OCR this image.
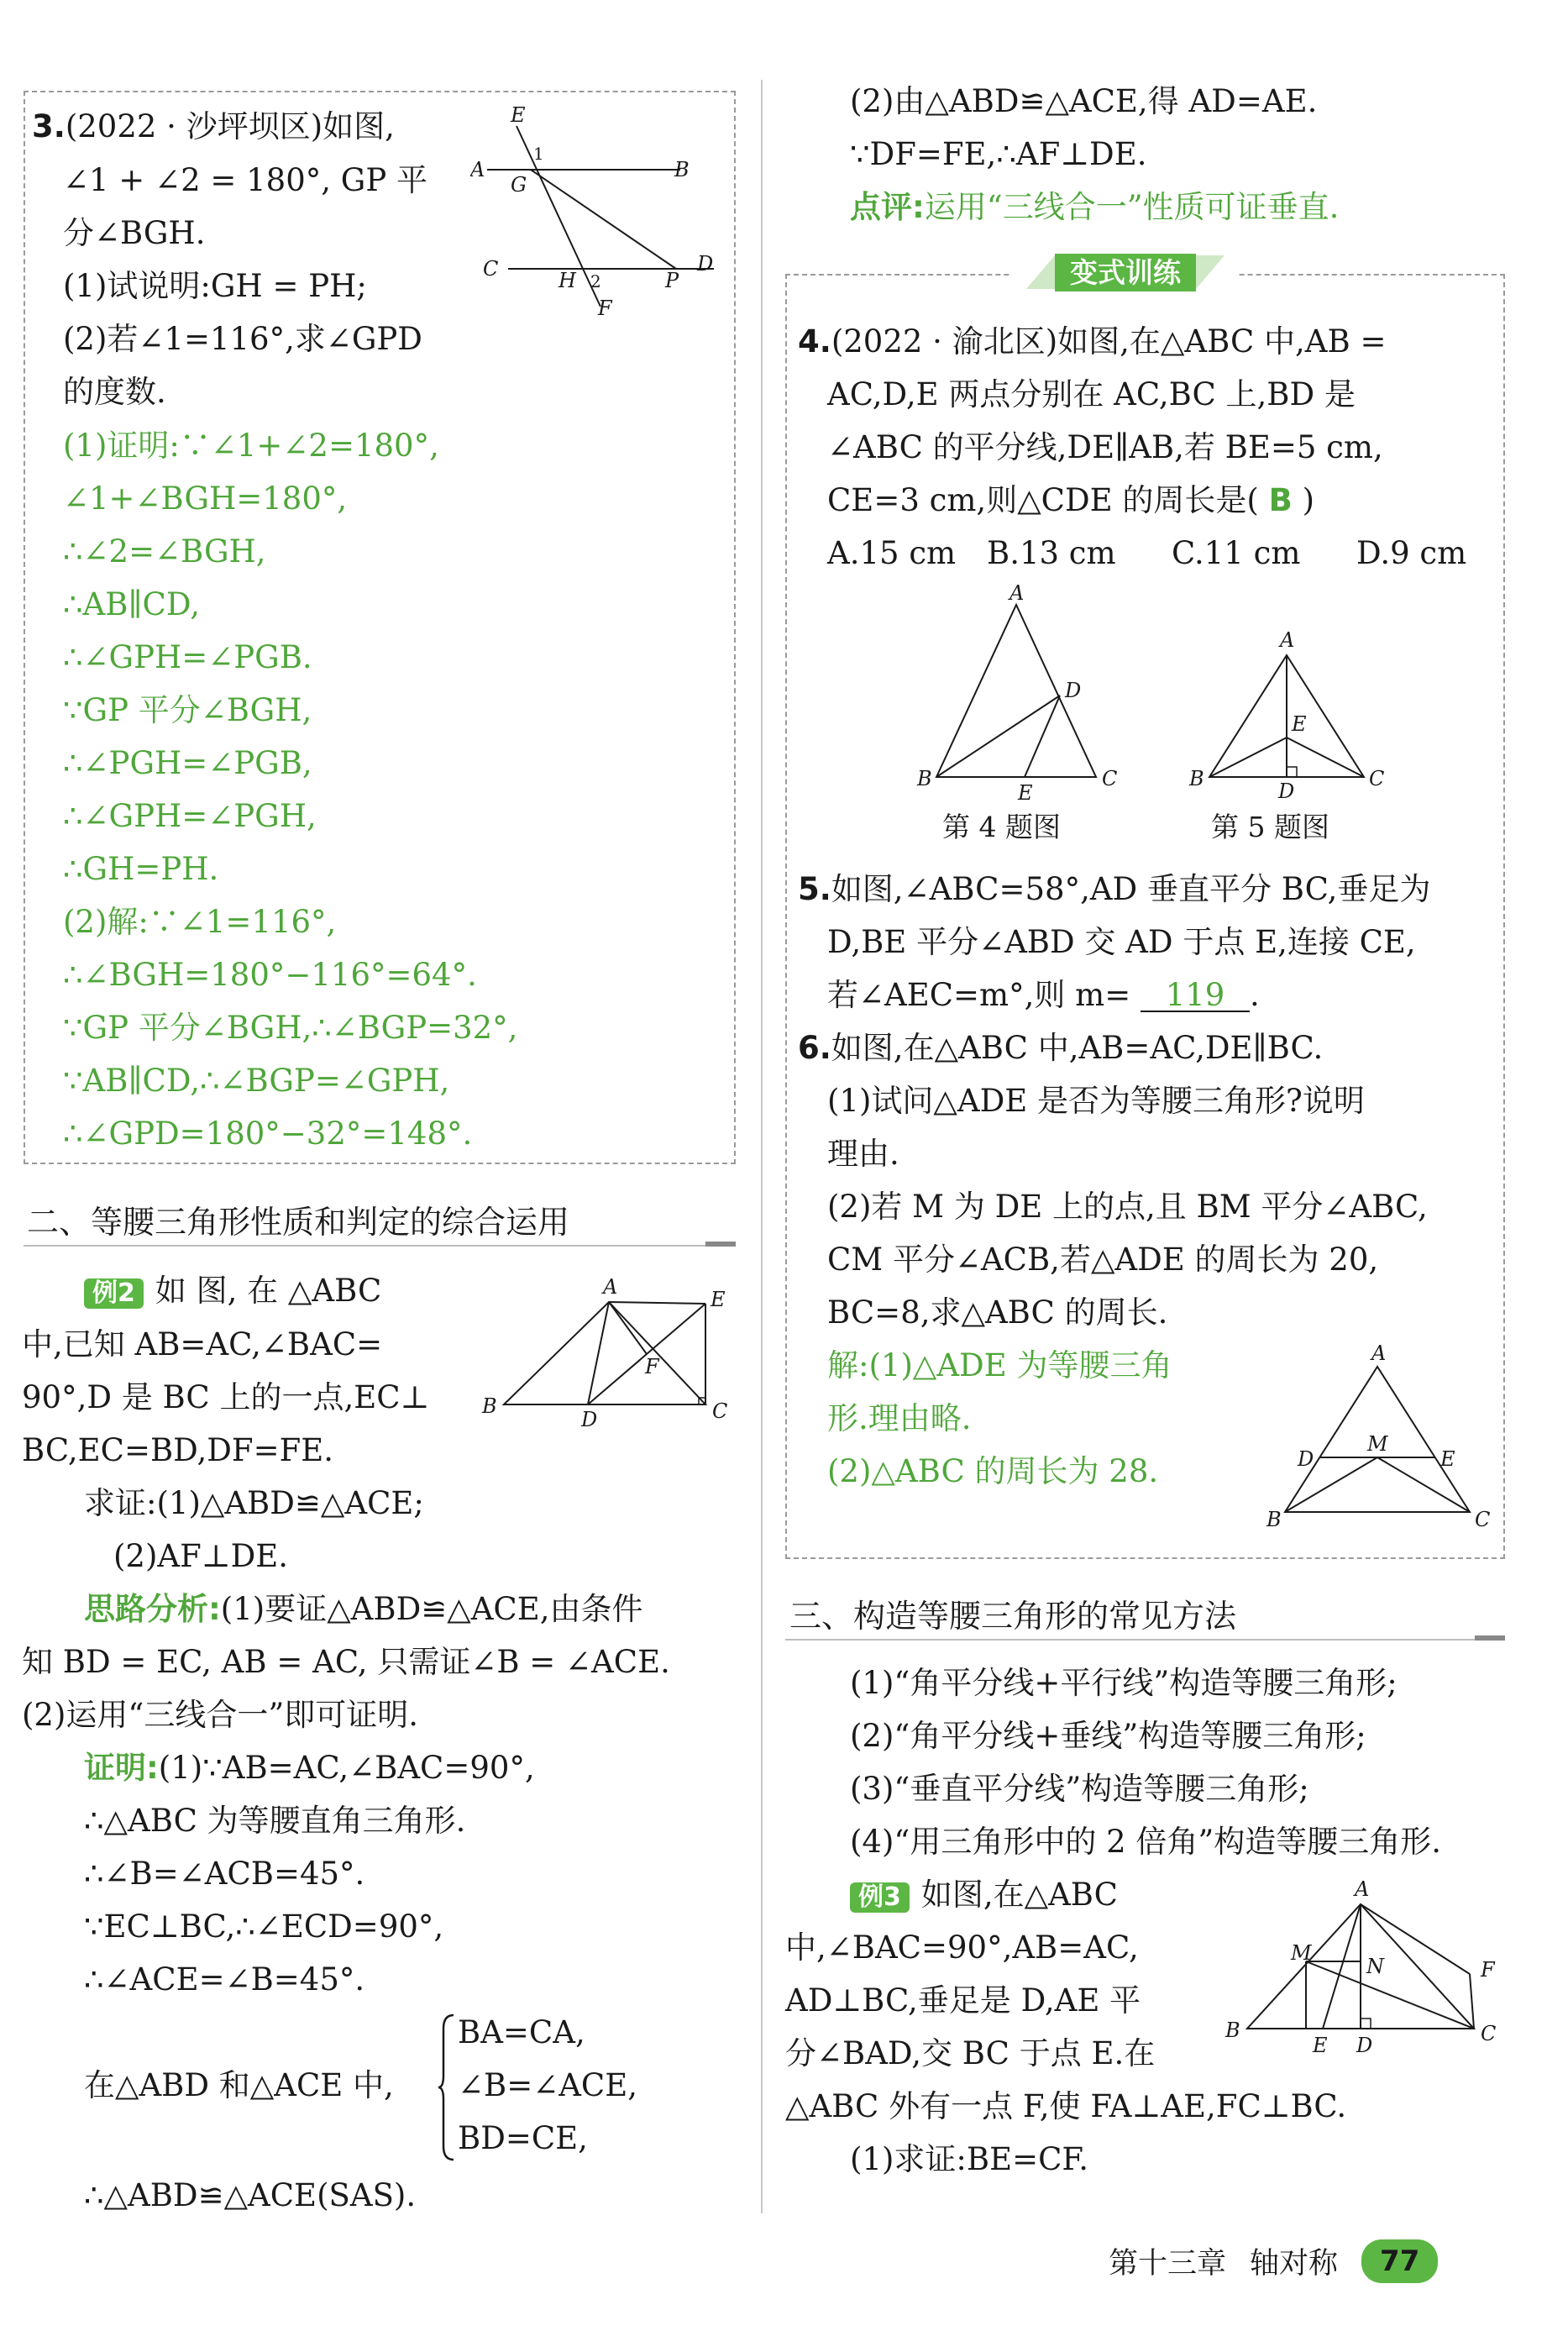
3.(2022 · 沙坪坝区)如图,
∠1 + ∠2 = 180°, GP 平
分∠BGH.
(1)试说明:GH = PH;
(2)若∠1=116°,求∠GPD
的度数.
E
A
1
G
B
C	H 2	P
D
F
(1)证明:∵∠1+∠2=180°,
∠1+∠BGH=180°,
∴∠2=∠BGH,
∴AB∥CD,
∴∠GPH=∠PGB.
∵GP 平分∠BGH,
∴∠PGH=∠PGB,
∴∠GPH=∠PGH,
∴GH=PH.
(2)解:∵∠1=116°,
∴∠BGH=180°−116°=64°.
∵GP 平分∠BGH,∴∠BGP=32°,
∵AB∥CD,∴∠BGP=∠GPH,
∴∠GPD=180°−32°=148°.
二、等腰三角形性质和判定的综合运用
例2 如 图, 在 △ABC
中,已知 AB=AC,∠BAC=
90°,D 是 BC 上的一点,EC⊥
BC,EC=BD,DF=FE.
求证:(1)△ABD≌△ACE;
(2)AF⊥DE.
A
E
F
B
D	C
思路分析:(1)要证△ABD≌△ACE,由条件
知 BD = EC, AB = AC, 只需证∠B = ∠ACE.
(2)运用“三线合一”即可证明.
证明:(1)∵AB=AC,∠BAC=90°,
∴△ABC 为等腰直角三角形.
∴∠B=∠ACB=45°.
∵EC⊥BC,∴∠ECD=90°,
∴∠ACE=∠B=45°.
在△ABD 和△ACE 中,
BA=CA,
∠B=∠ACE,
BD=CE,
∴△ABD≌△ACE(SAS).
(2)由△ABD≌△ACE,得 AD=AE.
∵DF=FE,∴AF⊥DE.
点评:运用“三线合一”性质可证垂直.
变式训练
4.(2022 · 渝北区)如图,在△ABC 中,AB =
AC,D,E 两点分别在 AC,BC 上,BD 是
∠ABC 的平分线,DE∥AB,若 BE=5 cm,
CE=3 cm,则△CDE 的周长是( B )
A.15 cm B.13 cm C.11 cm D.9 cm
A
D
B
E
C
第 4 题图
A
E
B
D
C
第 5 题图
5.如图,∠ABC=58°,AD 垂直平分 BC,垂足为
D,BE 平分∠ABD 交 AD 于点 E,连接 CE,
若∠AEC=m°,则 m= 119 .
6.如图,在△ABC 中,AB=AC,DE∥BC.
(1)试问△ADE 是否为等腰三角形?说明
理由.
(2)若 M 为 DE 上的点,且 BM 平分∠ABC,
CM 平分∠ACB,若△ADE 的周长为 20,
BC=8,求△ABC 的周长.
解:(1)△ADE 为等腰三角
形.理由略.
(2)△ABC 的周长为 28.
A
D
M
E
B	C
三、构造等腰三角形的常见方法
(1)“角平分线+平行线”构造等腰三角形;
(2)“角平分线+垂线”构造等腰三角形;
(3)“垂直平分线”构造等腰三角形;
(4)“用三角形中的 2 倍角”构造等腰三角形.
例3 如图,在△ABC
中,∠BAC=90°,AB=AC,
AD⊥BC,垂足是 D,AE 平
分∠BAD,交 BC 于点 E.在
△ABC 外有一点 F,使 FA⊥AE,FC⊥BC.
(1)求证:BE=CF.
A
M
N	F
B
E D	C
第十三章 轴对称	77
